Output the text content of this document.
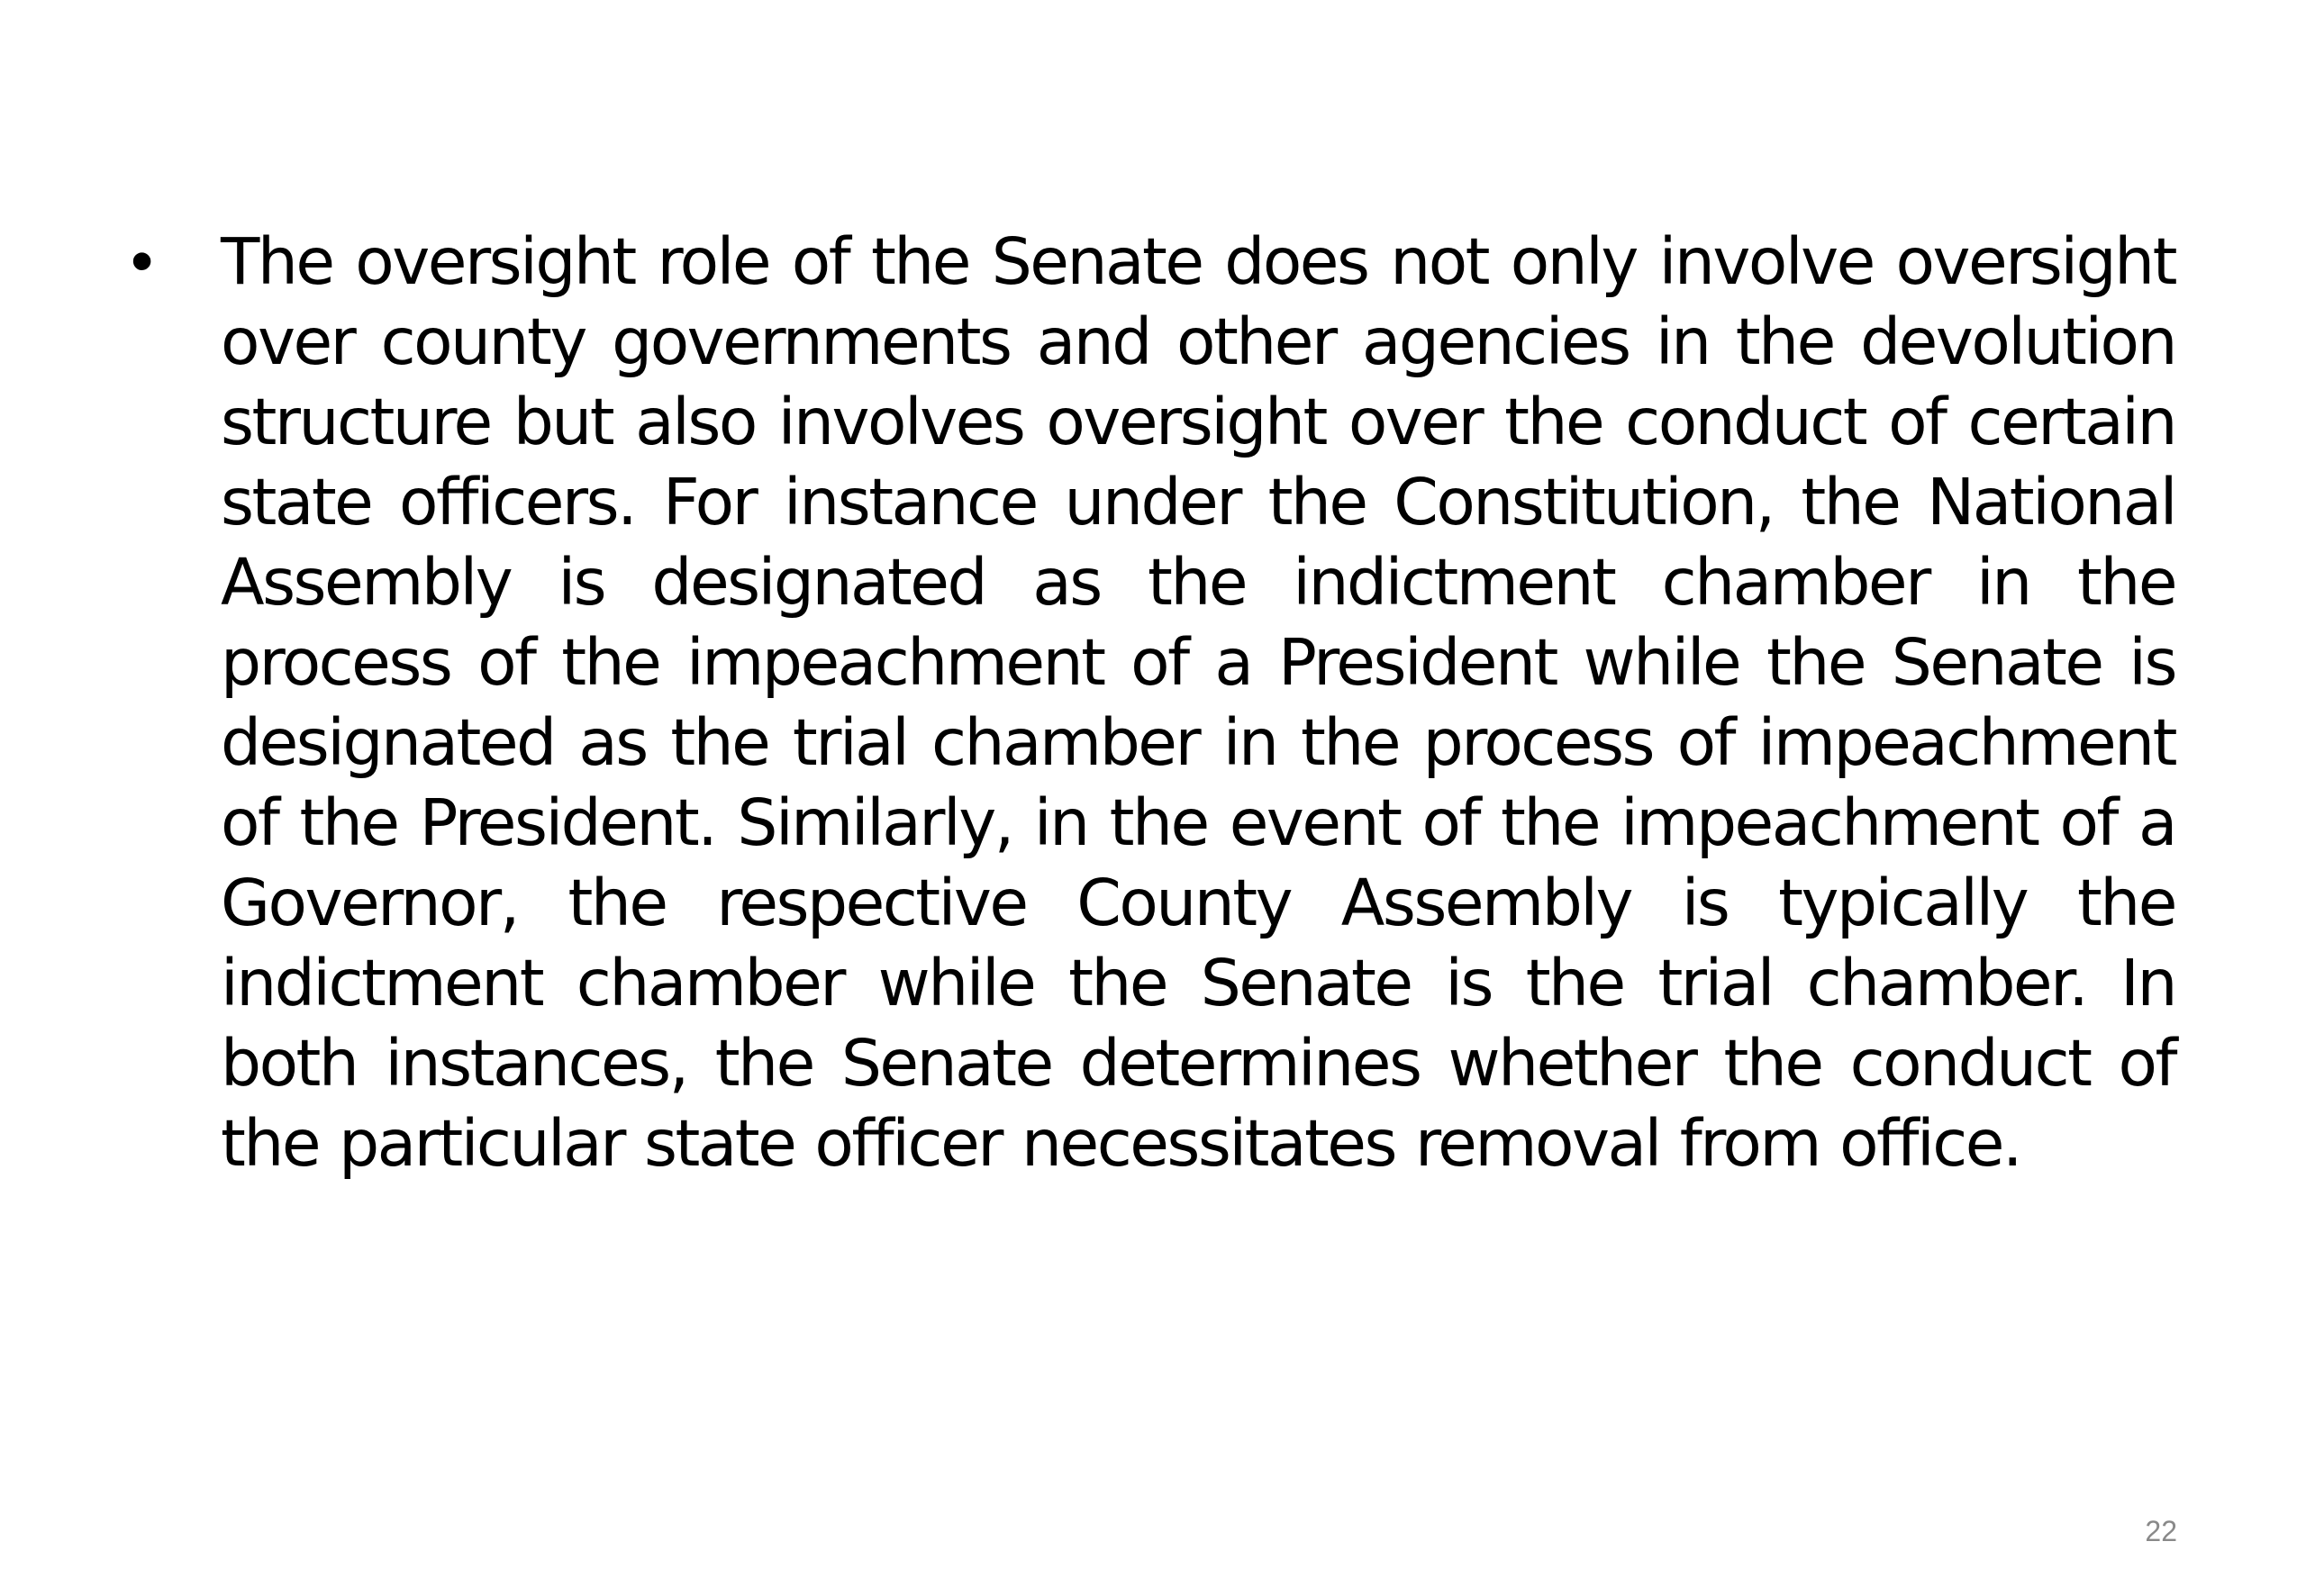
• The oversight role of the Senate does not only involve oversight over county governments and other agencies in the devolution structure but also involves oversight over the conduct of certain state officers. For instance under the Constitution, the National Assembly is designated as the indictment chamber in the process of the impeachment of a President while the Senate is designated as the trial chamber in the process of impeachment of the President. Similarly, in the event of the impeachment of a Governor, the respective County Assembly is typically the indictment chamber while the Senate is the trial chamber. In both instances, the Senate determines whether the conduct of the particular state officer necessitates removal from office.
22
